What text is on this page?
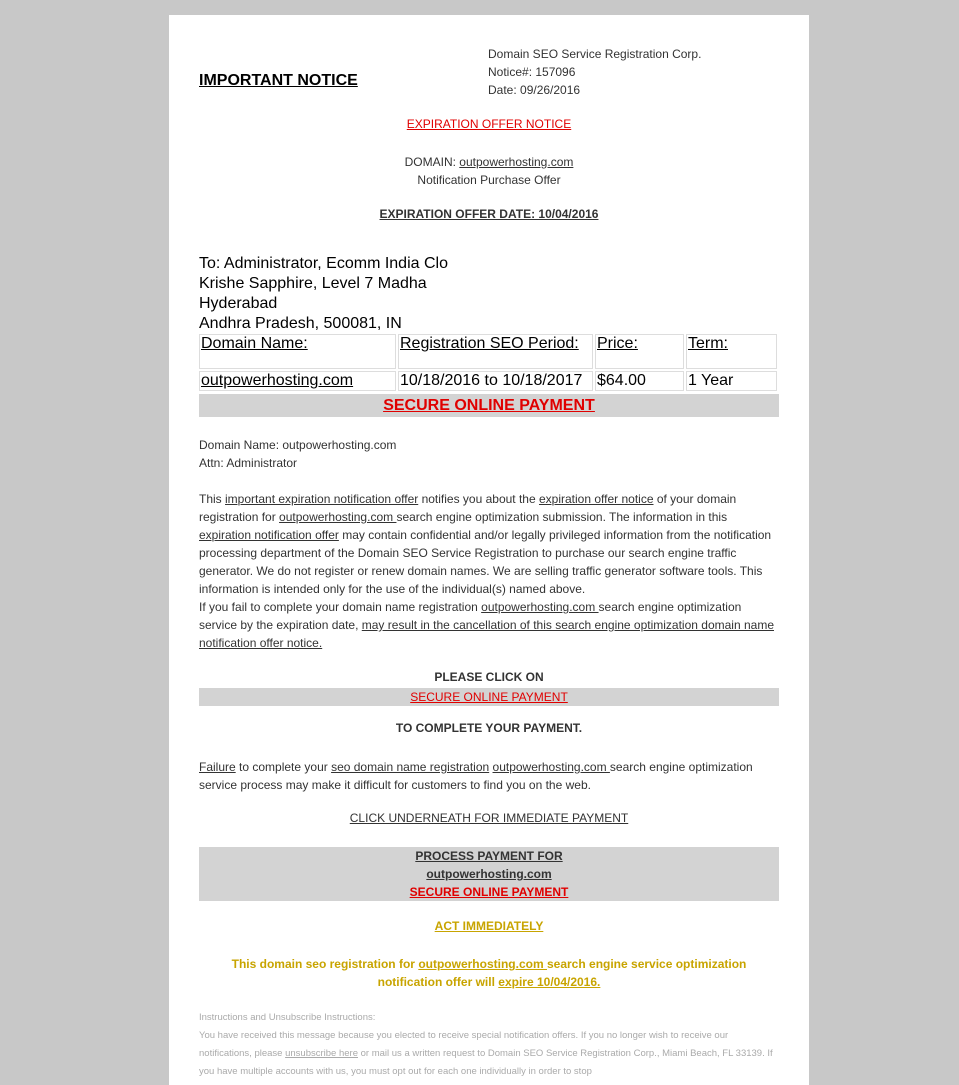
Domain SEO Service Registration Corp.
Notice#: 157096
Date: 09/26/2016
IMPORTANT NOTICE
EXPIRATION OFFER NOTICE
DOMAIN: outpowerhosting.com
Notification Purchase Offer
EXPIRATION OFFER DATE: 10/04/2016
To: Administrator, Ecomm India Clo
Krishe Sapphire, Level 7 Madha
Hyderabad
Andhra Pradesh, 500081, IN
Domain Name:	Registration SEO Period:	Price:	Term:
outpowerhosting.com	10/18/2016 to 10/18/2017	$64.00	1 Year
SECURE ONLINE PAYMENT
Domain Name: outpowerhosting.com
Attn: Administrator
This important expiration notification offer notifies you about the expiration offer notice of your domain registration for outpowerhosting.com search engine optimization submission. The information in this expiration notification offer may contain confidential and/or legally privileged information from the notification processing department of the Domain SEO Service Registration to purchase our search engine traffic generator. We do not register or renew domain names. We are selling traffic generator software tools. This information is intended only for the use of the individual(s) named above.
If you fail to complete your domain name registration outpowerhosting.com search engine optimization service by the expiration date, may result in the cancellation of this search engine optimization domain name notification offer notice.
PLEASE CLICK ON
SECURE ONLINE PAYMENT
TO COMPLETE YOUR PAYMENT.
Failure to complete your seo domain name registration outpowerhosting.com search engine optimization service process may make it difficult for customers to find you on the web.
CLICK UNDERNEATH FOR IMMEDIATE PAYMENT
PROCESS PAYMENT FOR
outpowerhosting.com
SECURE ONLINE PAYMENT
ACT IMMEDIATELY
This domain seo registration for outpowerhosting.com search engine service optimization notification offer will expire 10/04/2016.
Instructions and Unsubscribe Instructions:
You have received this message because you elected to receive special notification offers. If you no longer wish to receive our notifications, please unsubscribe here or mail us a written request to Domain SEO Service Registration Corp., Miami Beach, FL 33139. If you have multiple accounts with us, you must opt out for each one individually in order to stop
